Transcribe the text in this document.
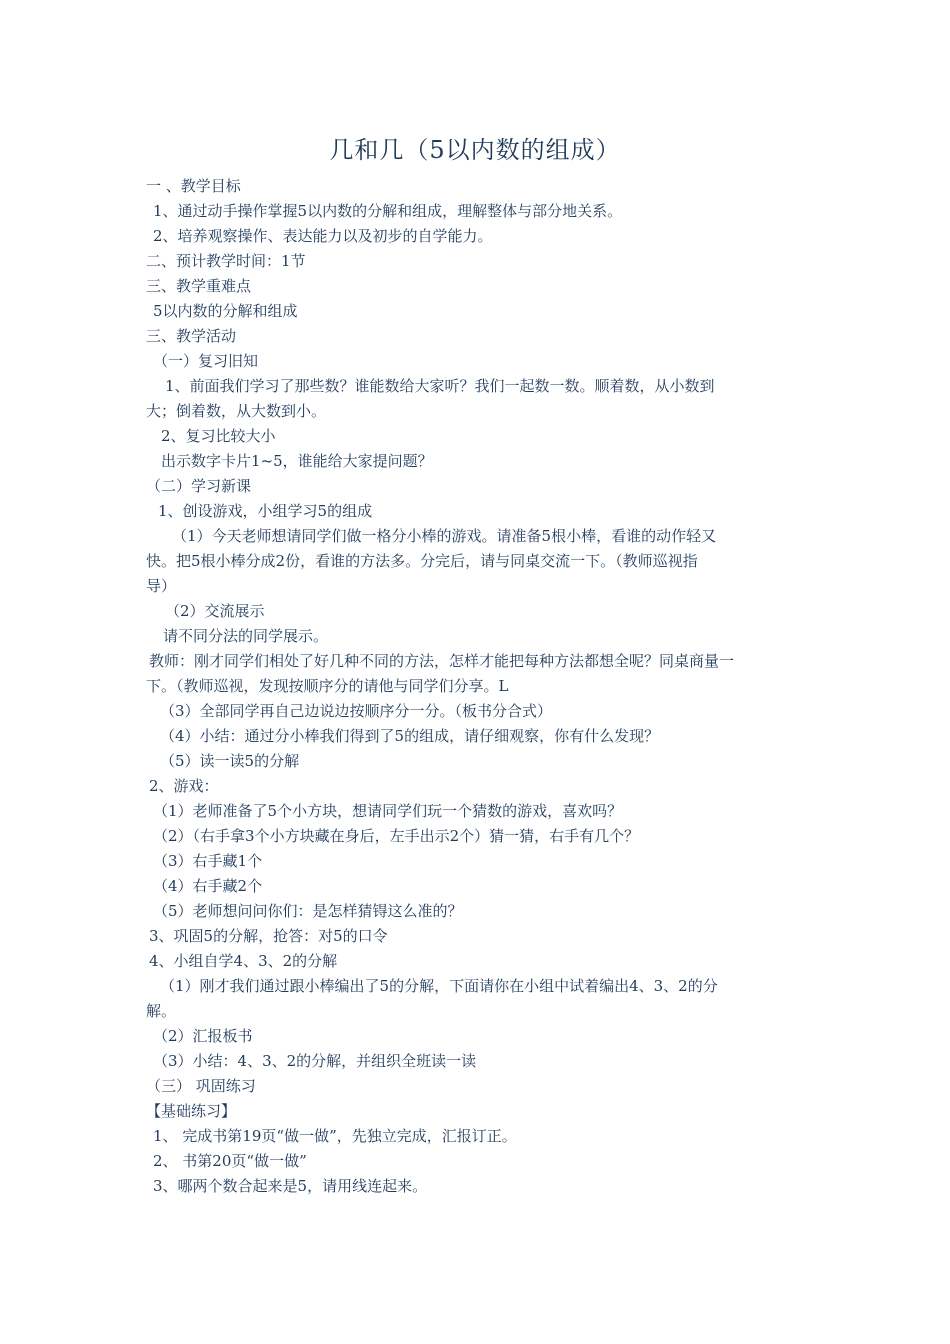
几和几（5以内数的组成）
一 、教学目标
1、通过动手操作掌握5以内数的分解和组成，理解整体与部分地关系。
2、培养观察操作、表达能力以及初步的自学能力。
二、预计教学时间：1节
三、教学重难点
5以内数的分解和组成
三、教学活动
（一）复习旧知
1、前面我们学习了那些数？谁能数给大家听？我们一起数一数。顺着数，从小数到
大；倒着数，从大数到小。
2、复习比较大小
出示数字卡片1~5，谁能给大家提问题？
（二）学习新课
1、创设游戏，小组学习5的组成
（1）今天老师想请同学们做一格分小棒的游戏。请准备5根小棒，看谁的动作轻又
快。把5根小棒分成2份，看谁的方法多。分完后，请与同桌交流一下。（教师巡视指
导）
（2）交流展示
请不同分法的同学展示。
教师：刚才同学们相处了好几种不同的方法，怎样才能把每种方法都想全呢？同桌商量一
下。（教师巡视，发现按顺序分的请他与同学们分享。L
（3）全部同学再自己边说边按顺序分一分。（板书分合式）
（4）小结：通过分小棒我们得到了5的组成，请仔细观察，你有什么发现？
（5）读一读5的分解
2、游戏：
（1）老师准备了5个小方块，想请同学们玩一个猜数的游戏，喜欢吗？
（2）（右手拿3个小方块藏在身后，左手出示2个）猜一猜，右手有几个？
（3）右手藏1个
（4）右手藏2个
（5）老师想问问你们：是怎样猜锝这么准的？
3、巩固5的分解，抢答：对5的口令
4、小组自学4、3、2的分解
（1）刚才我们通过跟小棒编出了5的分解，下面请你在小组中试着编出4、3、2的分
解。
（2）汇报板书
（3）小结：4、3、2的分解，并组织全班读一读
（三） 巩固练习
【基础练习】
1、 完成书第19页“做一做”，先独立完成，汇报订正。
2、 书第20页“做一做”
3、哪两个数合起来是5，请用线连起来。
